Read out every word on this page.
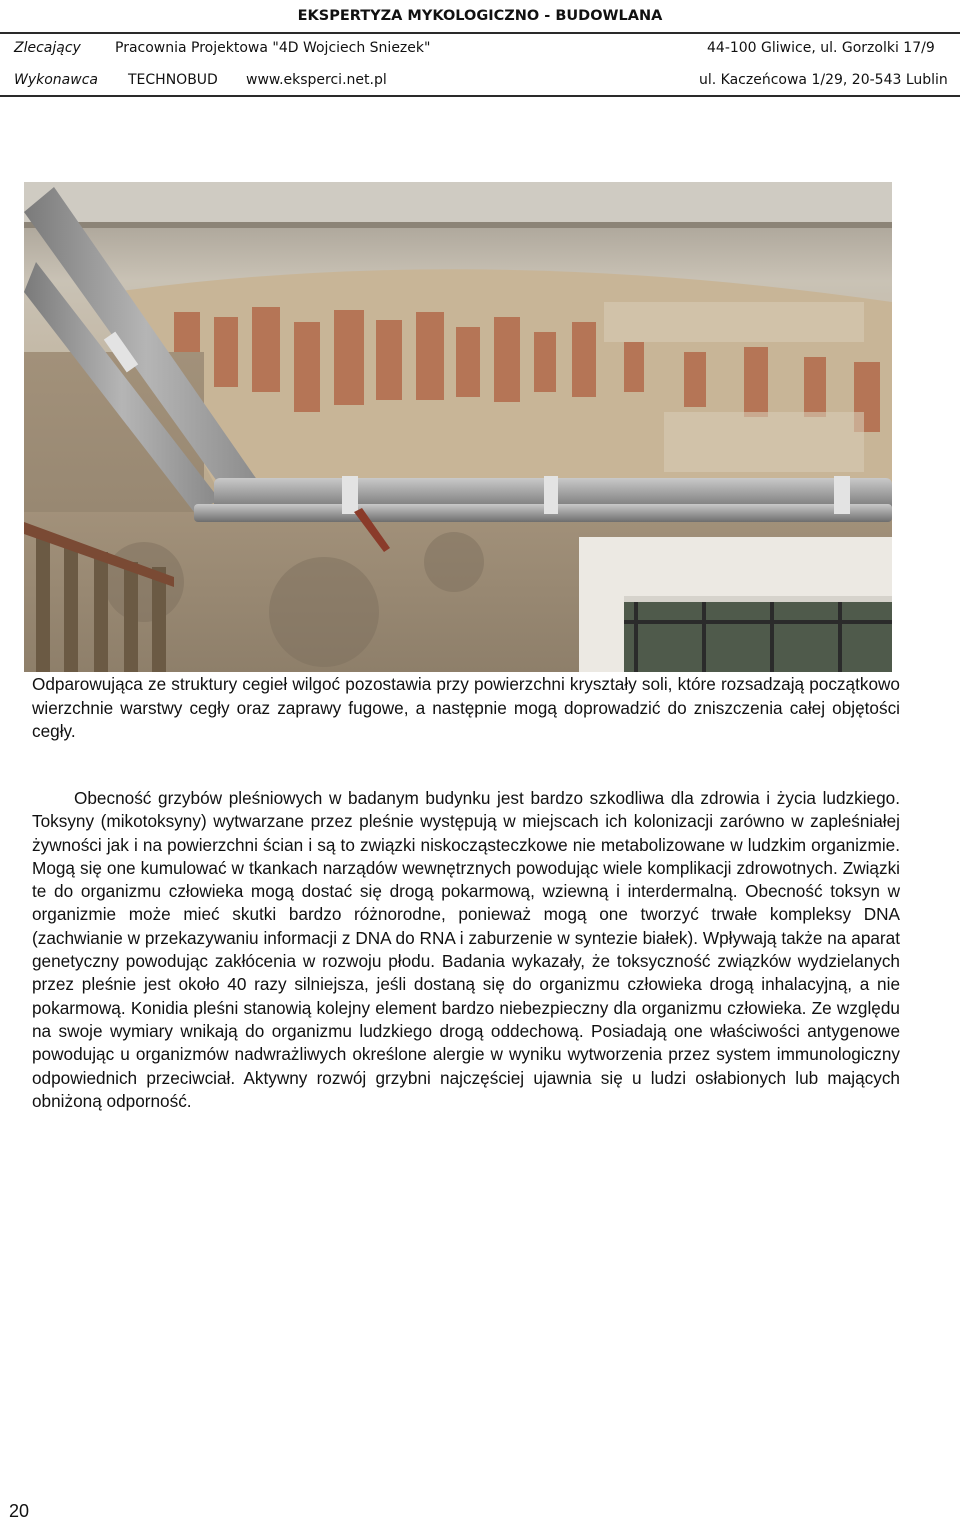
EKSPERTYZA MYKOLOGICZNO - BUDOWLANA
Zlecający Pracownia Projektowa "4D Wojciech Sniezek"	44-100 Gliwice, ul. Gorzolki 17/9
Wykonawca TECHNOBUD www.eksperci.net.pl	ul. Kaczeńcowa 1/29, 20-543 Lublin

Odparowująca ze struktury cegieł wilgoć pozostawia przy powierzchni kryształy soli, które rozsadzają początkowo wierzchnie warstwy cegły oraz zaprawy fugowe, a następnie mogą doprowadzić do zniszczenia całej objętości cegły.

Obecność grzybów pleśniowych w badanym budynku jest bardzo szkodliwa dla zdrowia i życia ludzkiego. Toksyny (mikotoksyny) wytwarzane przez pleśnie występują w miejscach ich kolonizacji zarówno w zapleśniałej żywności jak i na powierzchni ścian i są to związki niskocząsteczkowe nie metabolizowane w ludzkim organizmie. Mogą się one kumulować w tkankach narządów wewnętrznych powodując wiele komplikacji zdrowotnych. Związki te do organizmu człowieka mogą dostać się drogą pokarmową, wziewną i interdermalną. Obecność toksyn w organizmie może mieć skutki bardzo różnorodne, ponieważ mogą one tworzyć trwałe kompleksy DNA (zachwianie w przekazywaniu informacji z DNA do RNA i zaburzenie w syntezie białek). Wpływają także na aparat genetyczny powodując zakłócenia w rozwoju płodu. Badania wykazały, że toksyczność związków wydzielanych przez pleśnie jest około 40 razy silniejsza, jeśli dostaną się do organizmu człowieka drogą inhalacyjną, a nie pokarmową. Konidia pleśni stanowią kolejny element bardzo niebezpieczny dla organizmu człowieka. Ze względu na swoje wymiary wnikają do organizmu ludzkiego drogą oddechową. Posiadają one właściwości antygenowe powodując u organizmów nadwrażliwych określone alergie w wyniku wytworzenia przez system immunologiczny odpowiednich przeciwciał. Aktywny rozwój grzybni najczęściej ujawnia się u ludzi osłabionych lub mających obniżoną odporność.

20
